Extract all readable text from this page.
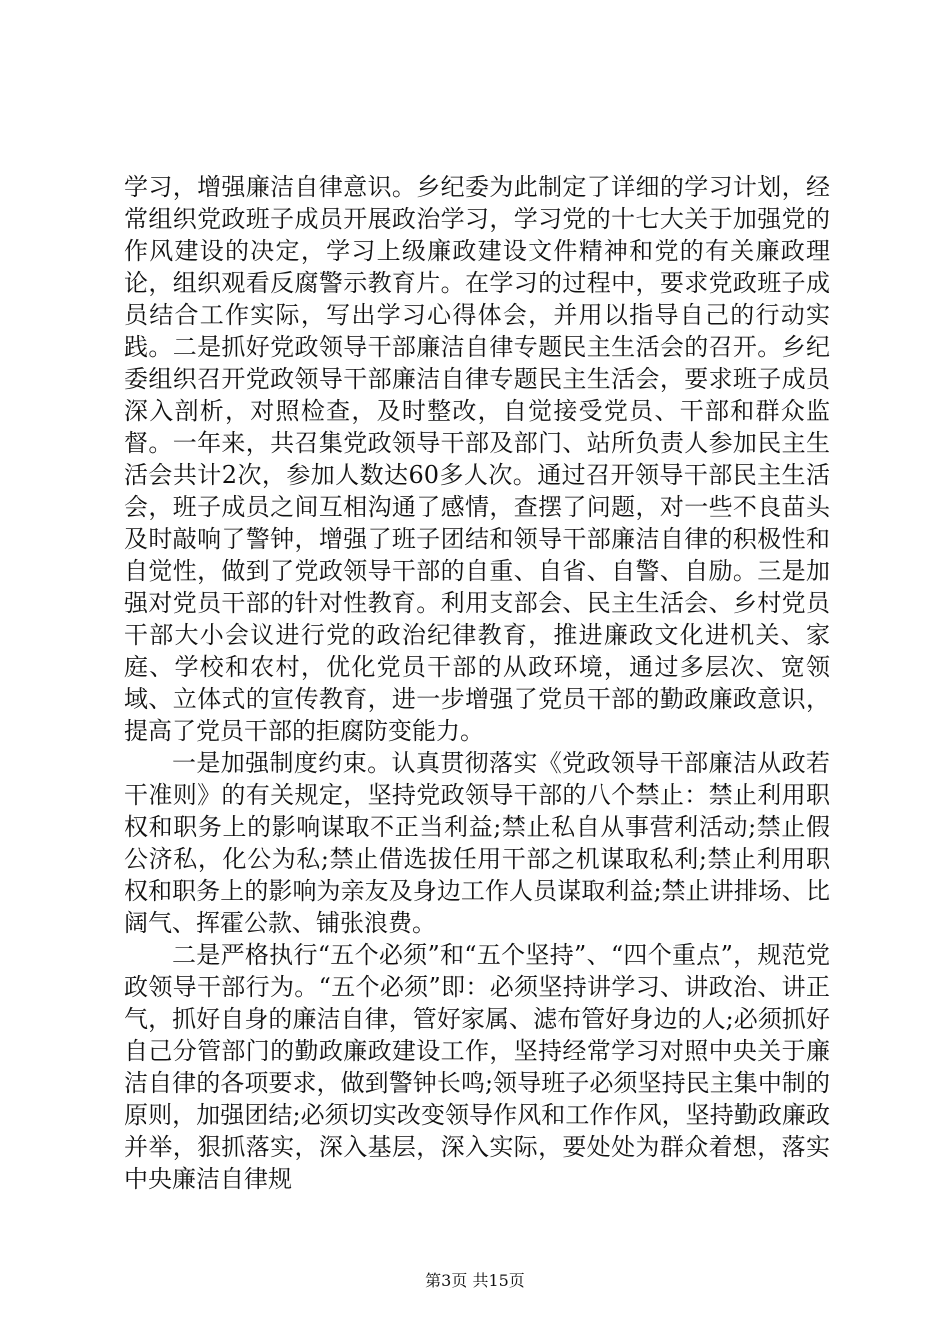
学习，增强廉洁自律意识。乡纪委为此制定了详细的学习计划，经常组织党政班子成员开展政治学习，学习党的十七大关于加强党的作风建设的决定，学习上级廉政建设文件精神和党的有关廉政理论，组织观看反腐警示教育片。在学习的过程中，要求党政班子成员结合工作实际，写出学习心得体会，并用以指导自己的行动实践。二是抓好党政领导干部廉洁自律专题民主生活会的召开。乡纪委组织召开党政领导干部廉洁自律专题民主生活会，要求班子成员深入剖析，对照检查，及时整改，自觉接受党员、干部和群众监督。一年来，共召集党政领导干部及部门、站所负责人参加民主生活会共计2次，参加人数达60多人次。通过召开领导干部民主生活会，班子成员之间互相沟通了感情，查摆了问题，对一些不良苗头及时敲响了警钟，增强了班子团结和领导干部廉洁自律的积极性和自觉性，做到了党政领导干部的自重、自省、自警、自励。三是加强对党员干部的针对性教育。利用支部会、民主生活会、乡村党员干部大小会议进行党的政治纪律教育，推进廉政文化进机关、家庭、学校和农村，优化党员干部的从政环境，通过多层次、宽领域、立体式的宣传教育，进一步增强了党员干部的勤政廉政意识，提高了党员干部的拒腐防变能力。

一是加强制度约束。认真贯彻落实《党政领导干部廉洁从政若干准则》的有关规定，坚持党政领导干部的八个禁止：禁止利用职权和职务上的影响谋取不正当利益;禁止私自从事营利活动;禁止假公济私，化公为私;禁止借选拔任用干部之机谋取私利;禁止利用职权和职务上的影响为亲友及身边工作人员谋取利益;禁止讲排场、比阔气、挥霍公款、铺张浪费。

二是严格执行“五个必须”和“五个坚持”、“四个重点”，规范党政领导干部行为。“五个必须”即：必须坚持讲学习、讲政治、讲正气，抓好自身的廉洁自律，管好家属、滤布管好身边的人;必须抓好自己分管部门的勤政廉政建设工作，坚持经常学习对照中央关于廉洁自律的各项要求，做到警钟长鸣;领导班子必须坚持民主集中制的原则，加强团结;必须切实改变领导作风和工作作风，坚持勤政廉政并举，狠抓落实，深入基层，深入实际，要处处为群众着想，落实中央廉洁自律规

第3页 共15页
